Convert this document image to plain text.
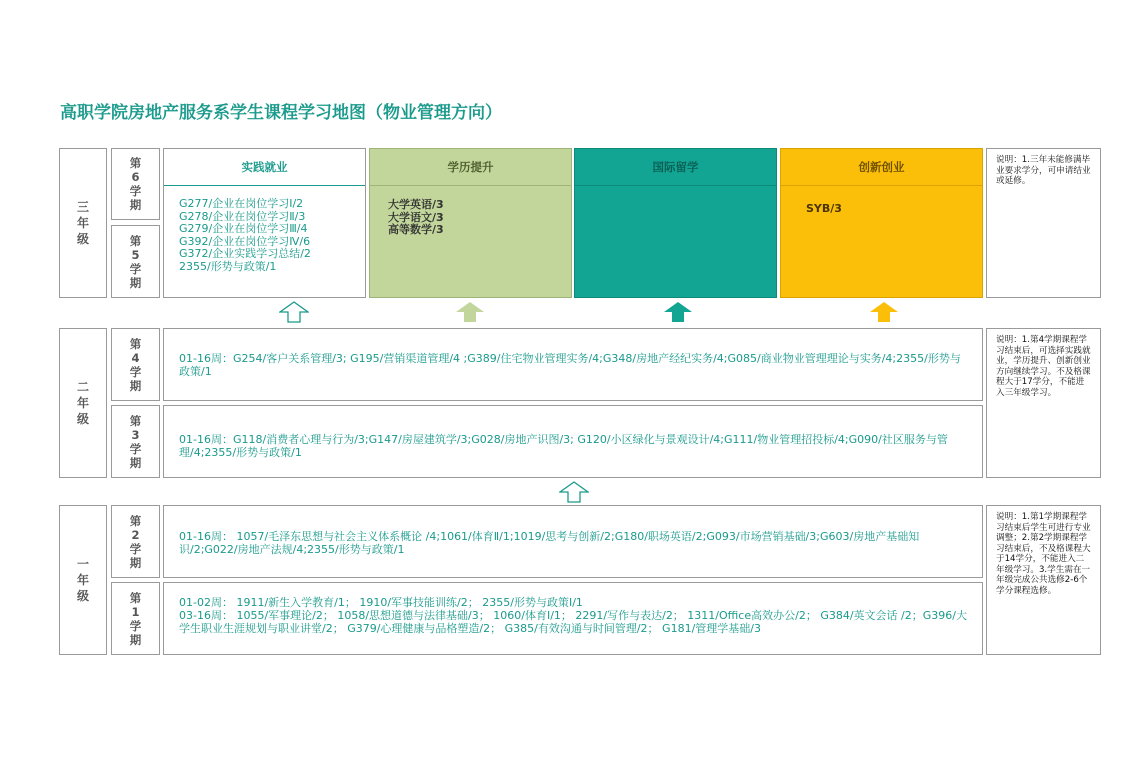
高职学院房地产服务系学生课程学习地图（物业管理方向）
三年级
第6学期
第5学期
实践就业
G277/企业在岗位学习Ⅰ/2
G278/企业在岗位学习Ⅱ/3
G279/企业在岗位学习Ⅲ/4
G392/企业在岗位学习Ⅳ/6
G372/企业实践学习总结/2
2355/形势与政策/1
学历提升
大学英语/3
大学语文/3
高等数学/3
国际留学	创新创业
SYB/3
说明：1.三年未能修满毕业要求学分，可申请结业或延修。
二年级
第4学期
第3学期
01-16周：G254/客户关系管理/3; G195/营销渠道管理/4 ;G389/住宅物业管理实务/4;G348/房地产经纪实务/4;G085/商业物业管理理论与实务/4;2355/形势与政策/1
01-16周：G118/消费者心理与行为/3;G147/房屋建筑学/3;G028/房地产识图/3; G120/小区绿化与景观设计/4;G111/物业管理招投标/4;G090/社区服务与管理/4;2355/形势与政策/1
说明：1.第4学期课程学习结束后，可选择实践就业，学历提升、创新创业方向继续学习。不及格课程大于17学分，不能进入三年级学习。
一年级
第2学期
第1学期
01-16周： 1057/毛泽东思想与社会主义体系概论 /4;1061/体育Ⅱ/1;1019/思考与创新/2;G180/职场英语/2;G093/市场营销基础/3;G603/房地产基础知识/2;G022/房地产法规/4;2355/形势与政策/1
01-02周： 1911/新生入学教育/1； 1910/军事技能训练/2； 2355/形势与政策Ⅰ/1
03-16周： 1055/军事理论/2； 1058/思想道德与法律基础/3； 1060/体育Ⅰ/1； 2291/写作与表达/2； 1311/Office高效办公/2； G384/英文会话 /2；G396/大学生职业生涯规划与职业讲堂/2； G379/心理健康与品格塑造/2； G385/有效沟通与时间管理/2； G181/管理学基础/3
说明：1.第1学期课程学习结束后学生可进行专业调整；2.第2学期课程学习结束后，不及格课程大于14学分，不能进入二年级学习。3.学生需在一年级完成公共选修2-6个学分课程选修。
